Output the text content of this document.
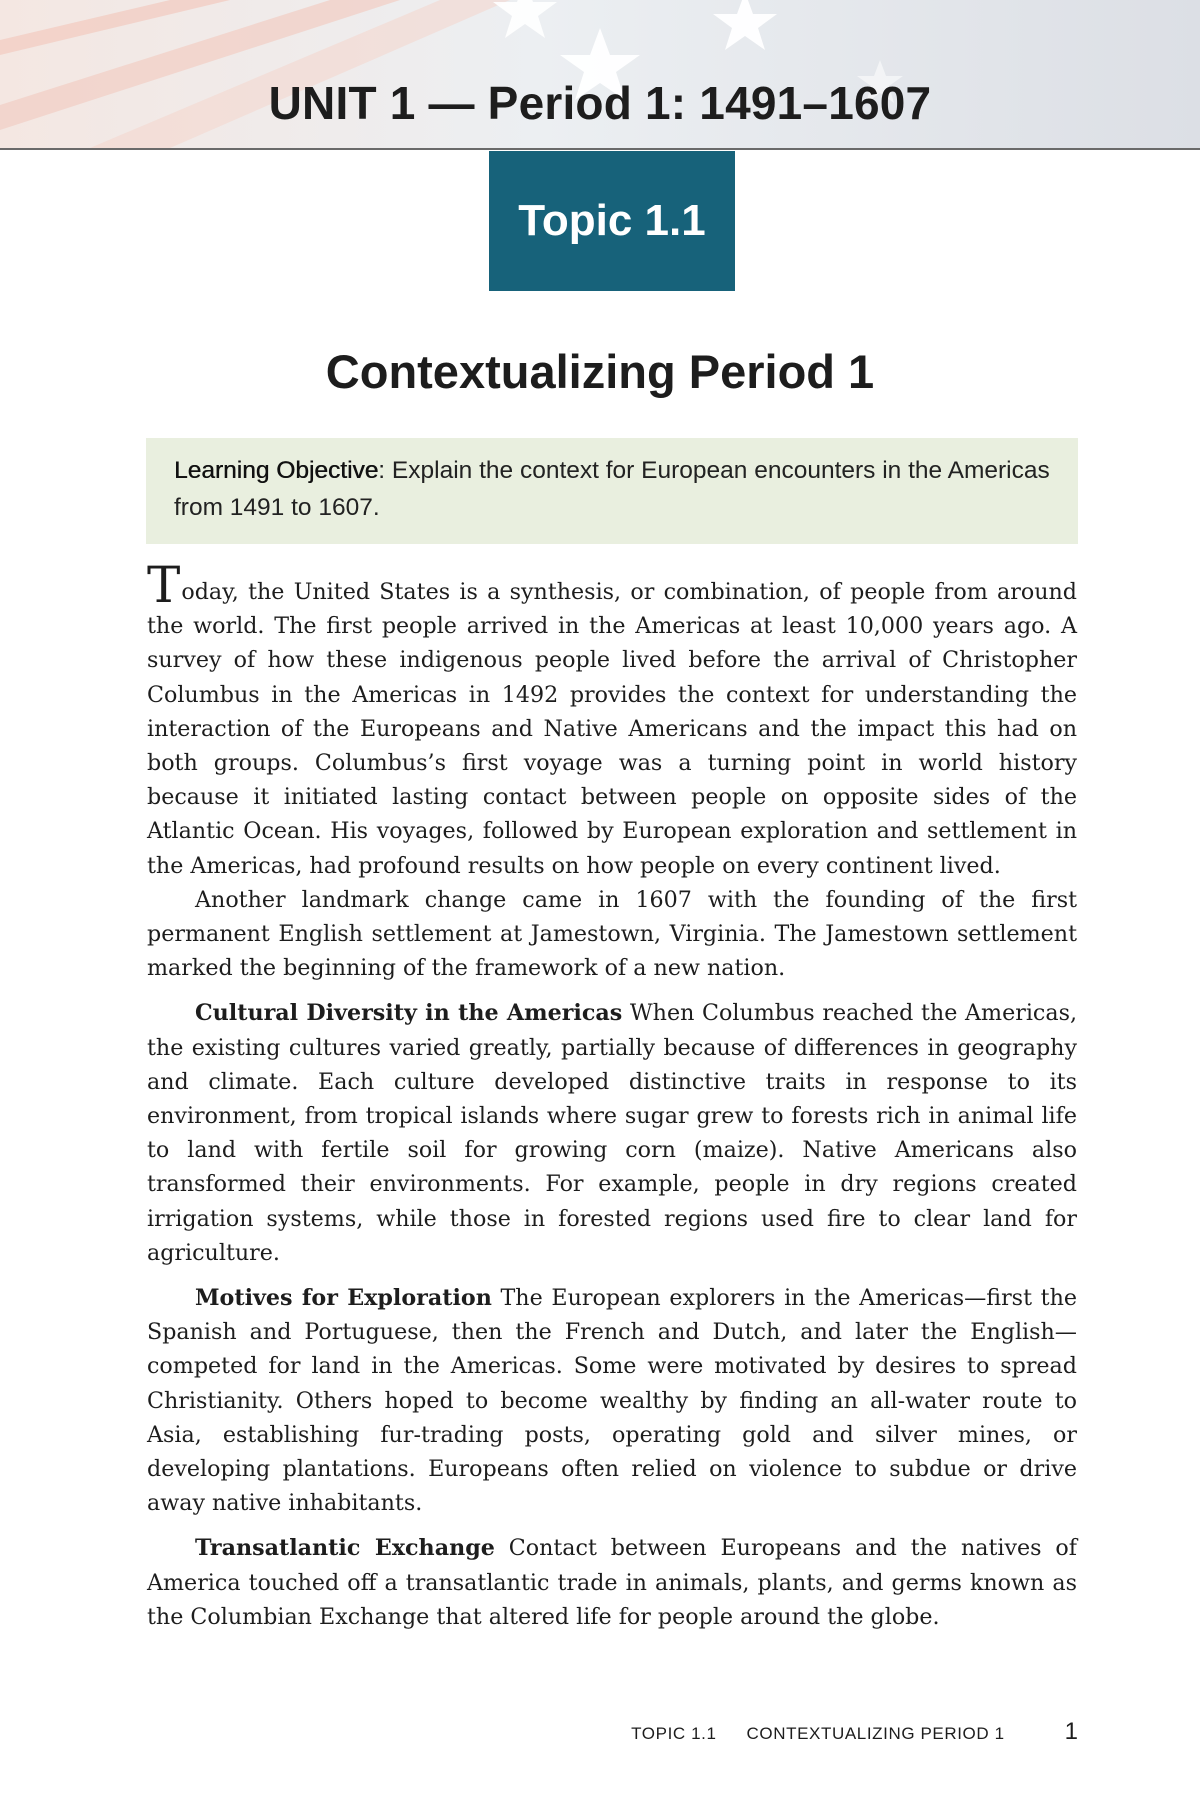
UNIT 1 — Period 1: 1491–1607
Topic 1.1
Contextualizing Period 1
Learning Objective: Explain the context for European encounters in the Americas from 1491 to 1607.

Today, the United States is a synthesis, or combination, of people from around the world. The first people arrived in the Americas at least 10,000 years ago. A survey of how these indigenous people lived before the arrival of Christopher Columbus in the Americas in 1492 provides the context for understanding the interaction of the Europeans and Native Americans and the impact this had on both groups. Columbus’s first voyage was a turning point in world history because it initiated lasting contact between people on opposite sides of the Atlantic Ocean. His voyages, followed by European exploration and settlement in the Americas, had profound results on how people on every continent lived.

Another landmark change came in 1607 with the founding of the first permanent English settlement at Jamestown, Virginia. The Jamestown settlement marked the beginning of the framework of a new nation.

Cultural Diversity in the Americas When Columbus reached the Americas, the existing cultures varied greatly, partially because of differences in geography and climate. Each culture developed distinctive traits in response to its environment, from tropical islands where sugar grew to forests rich in animal life to land with fertile soil for growing corn (maize). Native Americans also transformed their environments. For example, people in dry regions created irrigation systems, while those in forested regions used fire to clear land for agriculture.

Motives for Exploration The European explorers in the Americas—first the Spanish and Portuguese, then the French and Dutch, and later the English—competed for land in the Americas. Some were motivated by desires to spread Christianity. Others hoped to become wealthy by finding an all-water route to Asia, establishing fur-trading posts, operating gold and silver mines, or developing plantations. Europeans often relied on violence to subdue or drive away native inhabitants.

Transatlantic Exchange Contact between Europeans and the natives of America touched off a transatlantic trade in animals, plants, and germs known as the Columbian Exchange that altered life for people around the globe.

TOPIC 1.1 CONTEXTUALIZING PERIOD 1	1
